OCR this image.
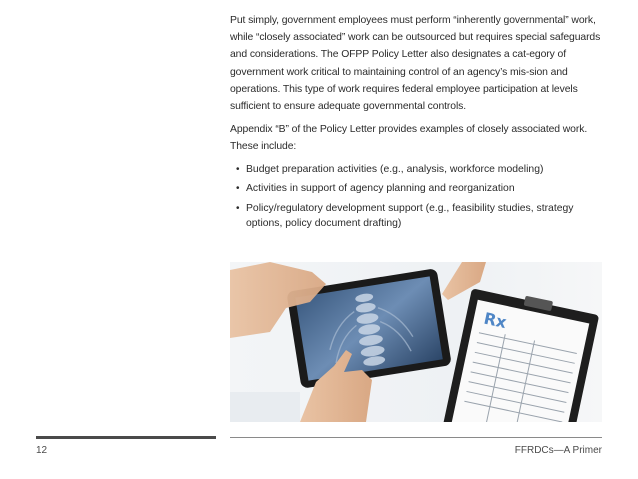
Put simply, government employees must perform “inherently governmental” work, while “closely associated” work can be outsourced but requires special safeguards and considerations. The OFPP Policy Letter also designates a cat-egory of government work critical to maintaining control of an agency’s mis-sion and operations. This type of work requires federal employee participation at levels sufficient to ensure adequate governmental controls.

Appendix “B” of the Policy Letter provides examples of closely associated work. These include:

• Budget preparation activities (e.g., analysis, workforce modeling)
• Activities in support of agency planning and reorganization
• Policy/regulatory development support (e.g., feasibility studies, strategy options, policy document drafting)
Rx
12	FFRDCs—A Primer
